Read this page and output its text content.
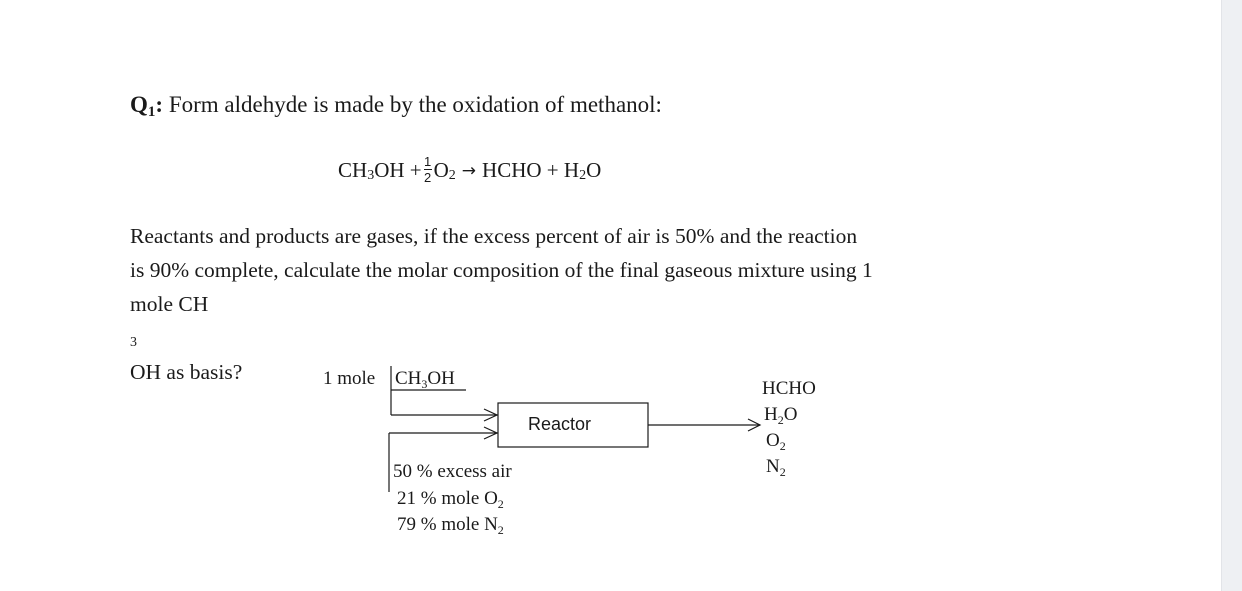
Q1: Form aldehyde is made by the oxidation of methanol:
CH 3 OH + $\frac{1}{2}$ O 2 → HCHO + H 2 O
Reactants and products are gases, if the excess percent of air is 50% and the reaction
is 90% complete, calculate the molar composition of the final gaseous mixture using 1
mole CH
3
OH as basis?	1 mole $CH_3OH$
Reactor
50 % excess air
21 % mole $O_2$
79 % mole $N_2$
HCHO
$H_2O$
$O_2$
$N_2$
